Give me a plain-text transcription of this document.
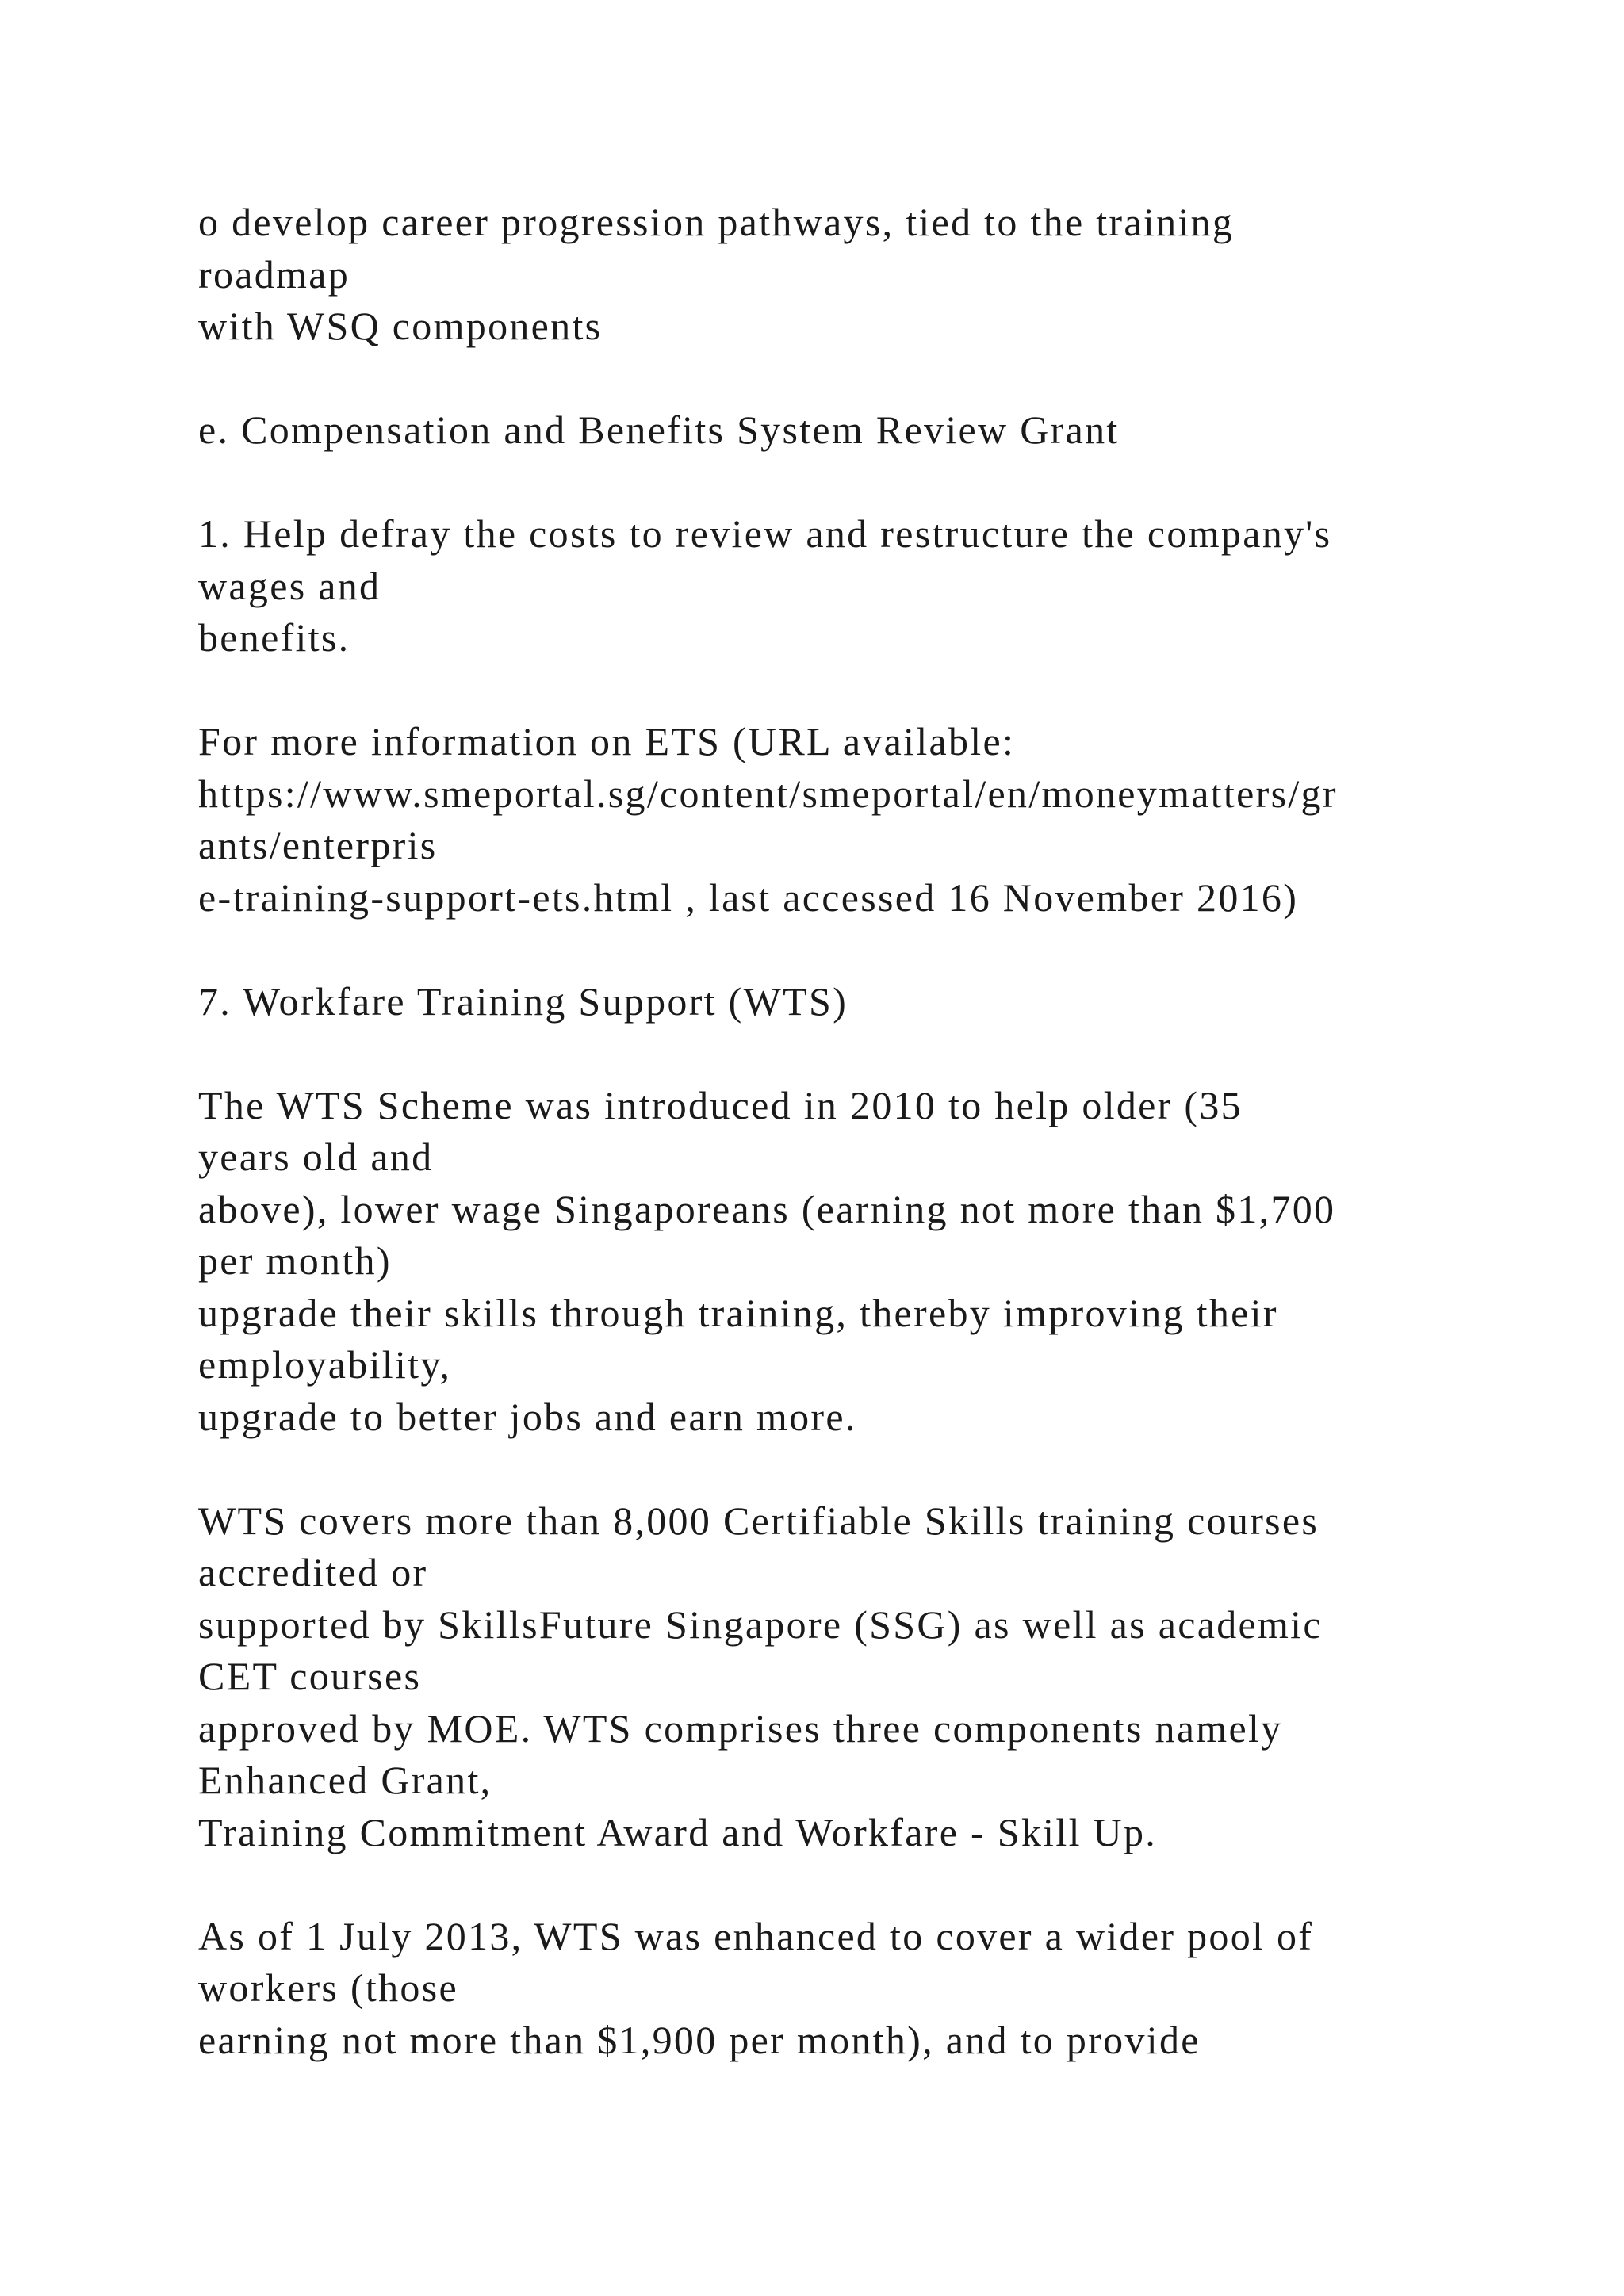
o develop career progression pathways, tied to the training
roadmap
with WSQ components
e. Compensation and Benefits System Review Grant
1. Help defray the costs to review and restructure the company's
wages and
benefits.
For more information on ETS (URL available:
https://www.smeportal.sg/content/smeportal/en/moneymatters/gr
ants/enterpris
e-training-support-ets.html , last accessed 16 November 2016)
7. Workfare Training Support (WTS)
The WTS Scheme was introduced in 2010 to help older (35
years old and
above), lower wage Singaporeans (earning not more than $1,700
per month)
upgrade their skills through training, thereby improving their
employability,
upgrade to better jobs and earn more.
WTS covers more than 8,000 Certifiable Skills training courses
accredited or
supported by SkillsFuture Singapore (SSG) as well as academic
CET courses
approved by MOE. WTS comprises three components namely
Enhanced Grant,
Training Commitment Award and Workfare - Skill Up.
As of 1 July 2013, WTS was enhanced to cover a wider pool of
workers (those
earning not more than $1,900 per month), and to provide
